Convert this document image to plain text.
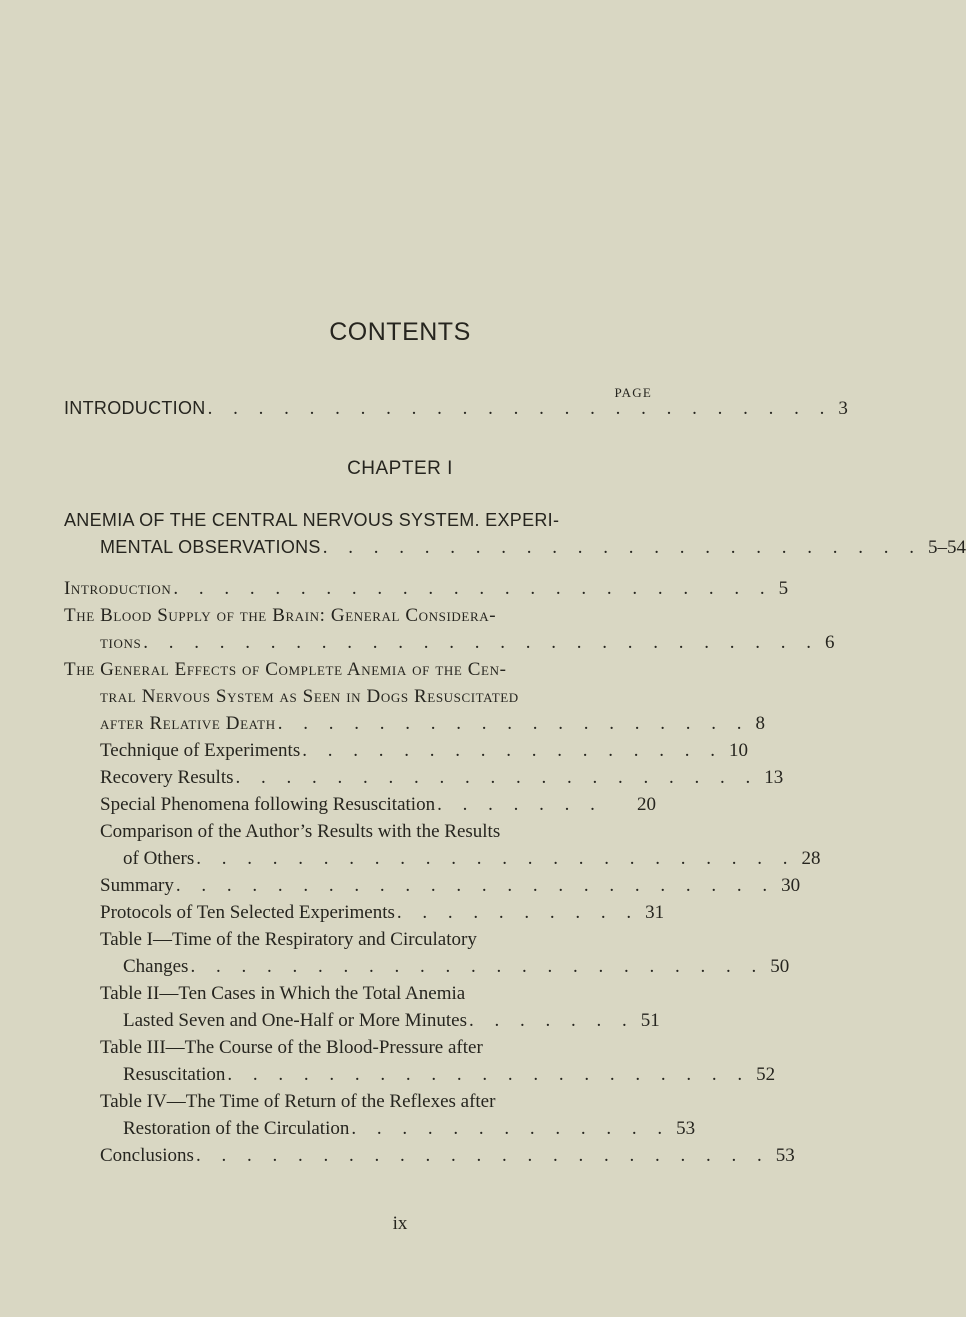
CONTENTS
PAGE
INTRODUCTION . . . . . . . . . . . . . . . . . . . . . . . . . 3
CHAPTER I
ANEMIA OF THE CENTRAL NERVOUS SYSTEM. EXPERI-
MENTAL OBSERVATIONS . . . . . . . . . . . . . . . . . . . . . . . . 5–54
Introduction . . . . . . . . . . . . . . . . . . . . . . . . 5
The Blood Supply of the Brain: General Considera-
tions . . . . . . . . . . . . . . . . . . . . . . . . . . . 6
The General Effects of Complete Anemia of the Cen-
tral Nervous System as Seen in Dogs Resuscitated
after Relative Death . . . . . . . . . . . . . . . . . . . 8
Technique of Experiments . . . . . . . . . . . . . . . . . 10
Recovery Results . . . . . . . . . . . . . . . . . . . . . 13
Special Phenomena following Resuscitation . . . . . . .	20
Comparison of the Author’s Results with the Results
of Others . . . . . . . . . . . . . . . . . . . . . . . . 28
Summary . . . . . . . . . . . . . . . . . . . . . . . . 30
Protocols of Ten Selected Experiments . . . . . . . . . . 31
Table I—Time of the Respiratory and Circulatory
Changes . . . . . . . . . . . . . . . . . . . . . . . 50
Table II—Ten Cases in Which the Total Anemia
Lasted Seven and One-Half or More Minutes . . . . . . . 51
Table III—The Course of the Blood-Pressure after
Resuscitation . . . . . . . . . . . . . . . . . . . . . 52
Table IV—The Time of Return of the Reflexes after
Restoration of the Circulation . . . . . . . . . . . . . 53
Conclusions . . . . . . . . . . . . . . . . . . . . . . . 53
ix
